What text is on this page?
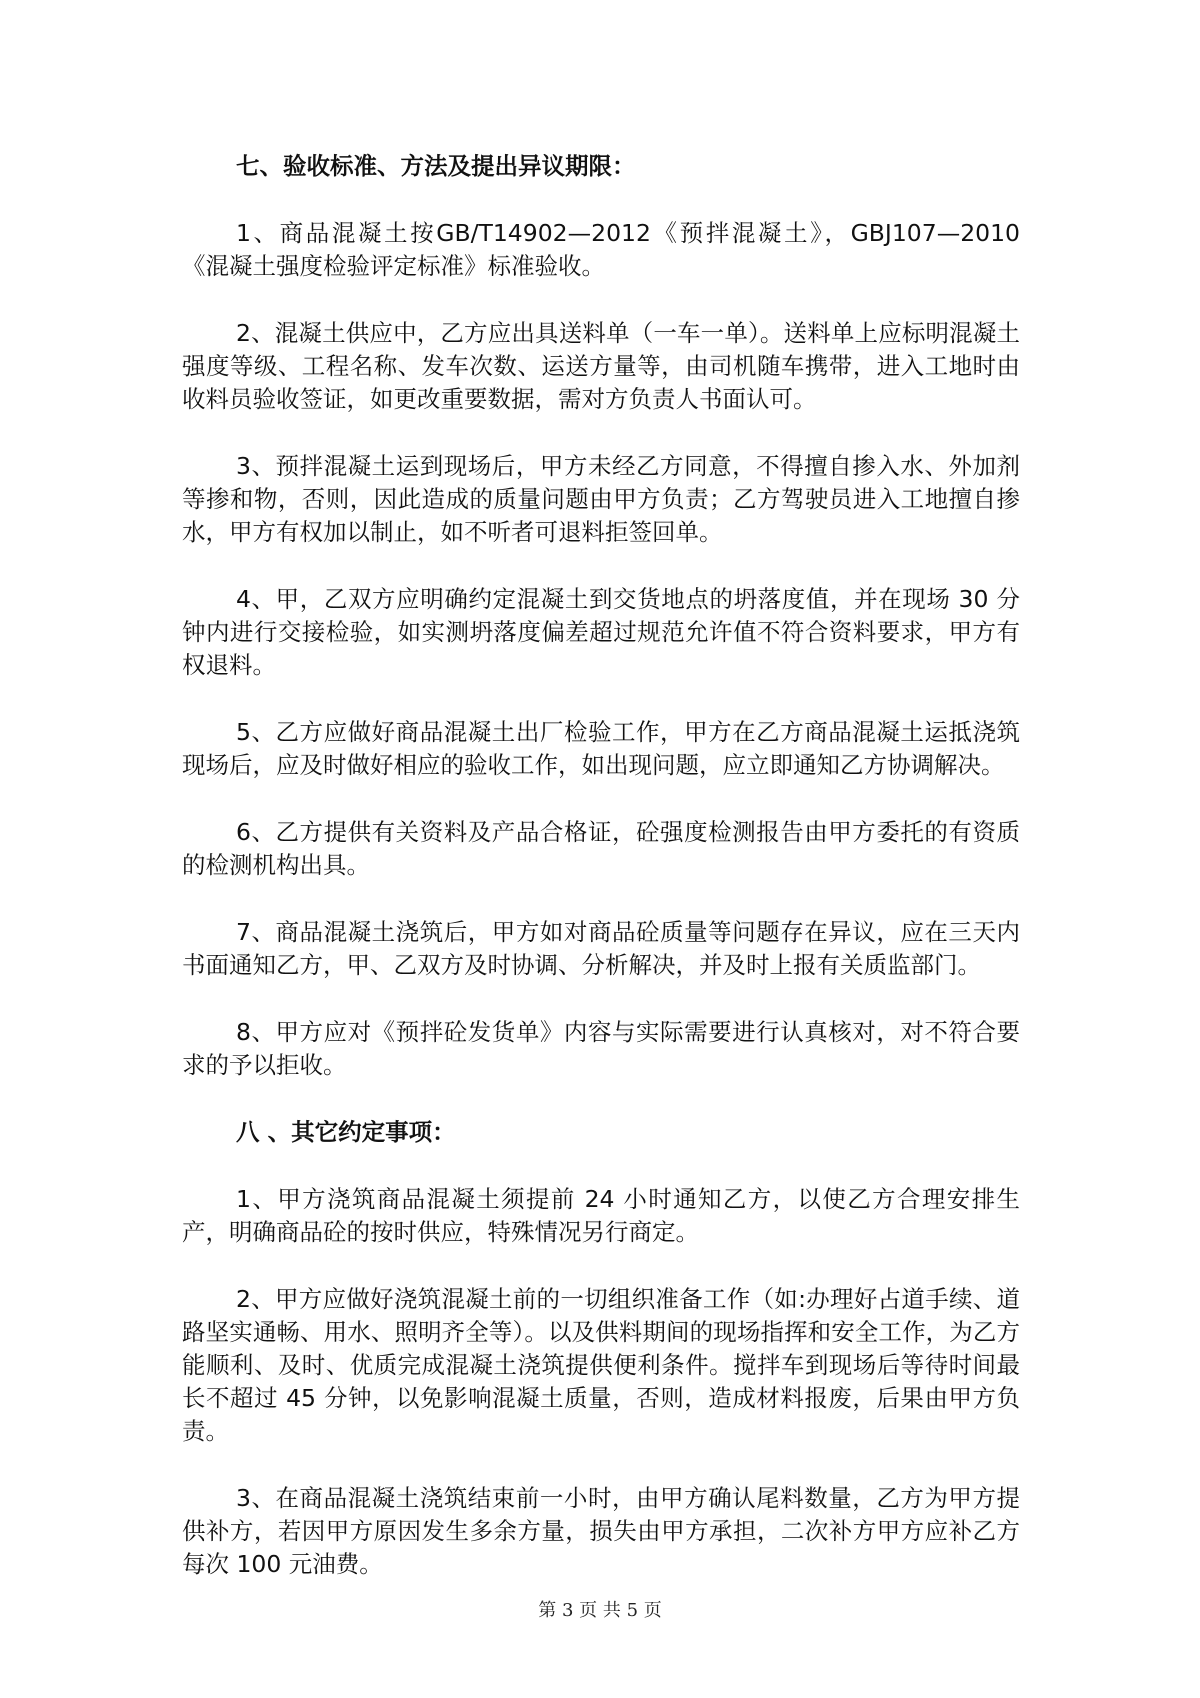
七、验收标准、方法及提出异议期限：

1、商品混凝土按GB/T14902—2012《预拌混凝土》，GBJ107—2010《混凝土强度检验评定标准》标准验收。

2、混凝土供应中，乙方应出具送料单（一车一单）。送料单上应标明混凝土强度等级、工程名称、发车次数、运送方量等，由司机随车携带，进入工地时由收料员验收签证，如更改重要数据，需对方负责人书面认可。

3、预拌混凝土运到现场后，甲方未经乙方同意，不得擅自掺入水、外加剂等掺和物，否则，因此造成的质量问题由甲方负责；乙方驾驶员进入工地擅自掺水，甲方有权加以制止，如不听者可退料拒签回单。

4、甲，乙双方应明确约定混凝土到交货地点的坍落度值，并在现场 30 分钟内进行交接检验，如实测坍落度偏差超过规范允许值不符合资料要求，甲方有权退料。

5、乙方应做好商品混凝土出厂检验工作，甲方在乙方商品混凝土运抵浇筑现场后，应及时做好相应的验收工作，如出现问题，应立即通知乙方协调解决。

6、乙方提供有关资料及产品合格证，砼强度检测报告由甲方委托的有资质的检测机构出具。

7、商品混凝土浇筑后，甲方如对商品砼质量等问题存在异议，应在三天内书面通知乙方，甲、乙双方及时协调、分析解决，并及时上报有关质监部门。

8、甲方应对《预拌砼发货单》内容与实际需要进行认真核对，对不符合要求的予以拒收。

八 、其它约定事项：

1、甲方浇筑商品混凝土须提前 24 小时通知乙方，以使乙方合理安排生产，明确商品砼的按时供应，特殊情况另行商定。

2、甲方应做好浇筑混凝土前的一切组织准备工作（如:办理好占道手续、道路坚实通畅、用水、照明齐全等）。以及供料期间的现场指挥和安全工作，为乙方能顺利、及时、优质完成混凝土浇筑提供便利条件。搅拌车到现场后等待时间最长不超过 45 分钟，以免影响混凝土质量，否则，造成材料报废，后果由甲方负责。

3、在商品混凝土浇筑结束前一小时，由甲方确认尾料数量，乙方为甲方提供补方，若因甲方原因发生多余方量，损失由甲方承担，二次补方甲方应补乙方每次 100 元油费。

第 3 页 共 5 页
